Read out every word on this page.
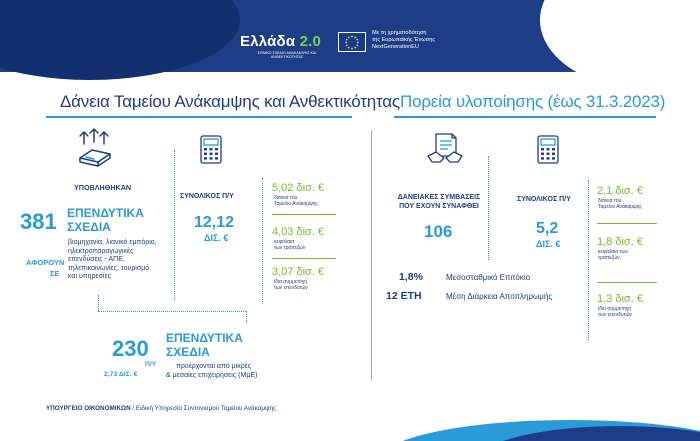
Ελλάδα 2.0
ΕΘΝΙΚΟ ΣΧΕΔΙΟ ΑΝΑΚΑΜΨΗΣ ΚΑΙ ΑΝΘΕΚΤΙΚΟΤΗΤΑΣ
Με τη χρηματοδότηση
της Ευρωπαϊκής Ένωσης
NextGenerationEU
Δάνεια Ταμείου Ανάκαμψης και Ανθεκτικότητας Πορεία υλοποίησης (έως 31.3.2023)
ΥΠΟΒΛΗΘΗΚΑΝ
381 ΕΠΕΝΔΥΤΙΚΑ
ΣΧΕΔΙΑ
βιομηχανία, λιανικό εμπόριο,
ηλεκτροπαραγωγικές
επενδύσεις - ΑΠΕ,
τηλεπικοινωνίες, τουρισμό
και υπηρεσίες
ΑΦΟΡΟΥΝ
ΣΕ
ΣΥΝΟΛΙΚΟΣ Π/Υ
12,12
ΔΙΣ. €
5,02 δισ. €
δάνεια του
Ταμείου Ανάκαμψης
4,03 δισ. €
κεφάλαια
των τραπεζών
3,07 δισ. €
ίδια συμμετοχή
των επενδυτών
230 ΕΠΕΝΔΥΤΙΚΑ
ΣΧΕΔΙΑ
Π/Υ
2,73 ΔΙΣ. €
προέρχονται από μικρές
& μεσαίες επιχειρήσεις (ΜμΕ)
ΔΑΝΕΙΑΚΕΣ ΣΥΜΒΑΣΕΙΣ
ΠΟΥ ΕΧΟΥΝ ΣΥΝΑΦΘΕΙ
106
ΣΥΝΟΛΙΚΟΣ Π/Υ
5,2
ΔΙΣ. €
2,1 δισ. €
δάνεια του
Ταμείου Ανάκαμψης
1,8 δισ. €
κεφάλαια των
τραπεζών
1,3 δισ. €
ίδια συμμετοχή
των επενδυτών
1,8%	Μεσοσταθμικό Επιτόκιο
12 ΕΤΗ	Μέση Διάρκεια Αποπληρωμής
ΥΠΟΥΡΓΕΙΟ ΟΙΚΟΝΟΜΙΚΩΝ / Ειδική Υπηρεσία Συντονισμού Ταμείου Ανάκαμψης
